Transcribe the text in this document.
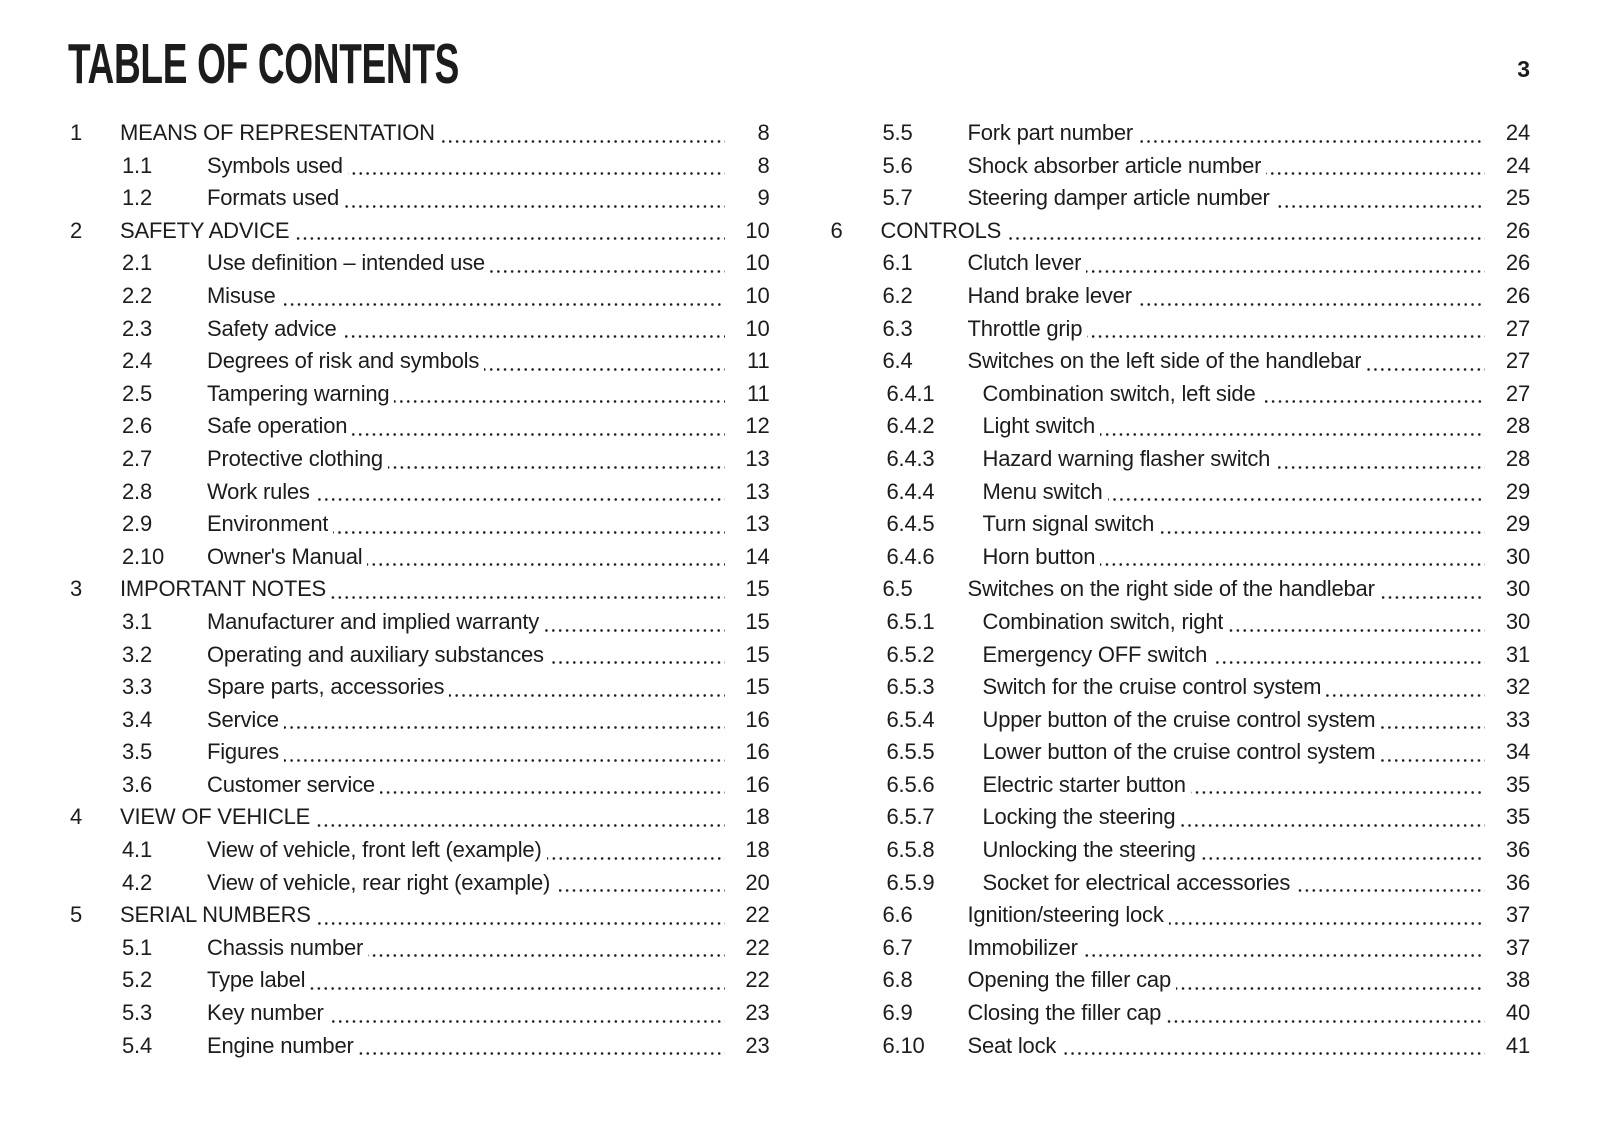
TABLE OF CONTENTS	3
1	MEANS OF REPRESENTATION	8
1.1	Symbols used	8
1.2	Formats used	9
2	SAFETY ADVICE	10
2.1	Use definition – intended use	10
2.2	Misuse	10
2.3	Safety advice	10
2.4	Degrees of risk and symbols	11
2.5	Tampering warning	11
2.6	Safe operation	12
2.7	Protective clothing	13
2.8	Work rules	13
2.9	Environment	13
2.10	Owner's Manual	14
3	IMPORTANT NOTES	15
3.1	Manufacturer and implied warranty	15
3.2	Operating and auxiliary substances	15
3.3	Spare parts, accessories	15
3.4	Service	16
3.5	Figures	16
3.6	Customer service	16
4	VIEW OF VEHICLE	18
4.1	View of vehicle, front left (example)	18
4.2	View of vehicle, rear right (example)	20
5	SERIAL NUMBERS	22
5.1	Chassis number	22
5.2	Type label	22
5.3	Key number	23
5.4	Engine number	23
5.5	Fork part number	24
5.6	Shock absorber article number	24
5.7	Steering damper article number	25
6	CONTROLS	26
6.1	Clutch lever	26
6.2	Hand brake lever	26
6.3	Throttle grip	27
6.4	Switches on the left side of the handlebar	27
6.4.1	Combination switch, left side	27
6.4.2	Light switch	28
6.4.3	Hazard warning flasher switch	28
6.4.4	Menu switch	29
6.4.5	Turn signal switch	29
6.4.6	Horn button	30
6.5	Switches on the right side of the handlebar	30
6.5.1	Combination switch, right	30
6.5.2	Emergency OFF switch	31
6.5.3	Switch for the cruise control system	32
6.5.4	Upper button of the cruise control system	33
6.5.5	Lower button of the cruise control system	34
6.5.6	Electric starter button	35
6.5.7	Locking the steering	35
6.5.8	Unlocking the steering	36
6.5.9	Socket for electrical accessories	36
6.6	Ignition/steering lock	37
6.7	Immobilizer	37
6.8	Opening the filler cap	38
6.9	Closing the filler cap	40
6.10	Seat lock	41
